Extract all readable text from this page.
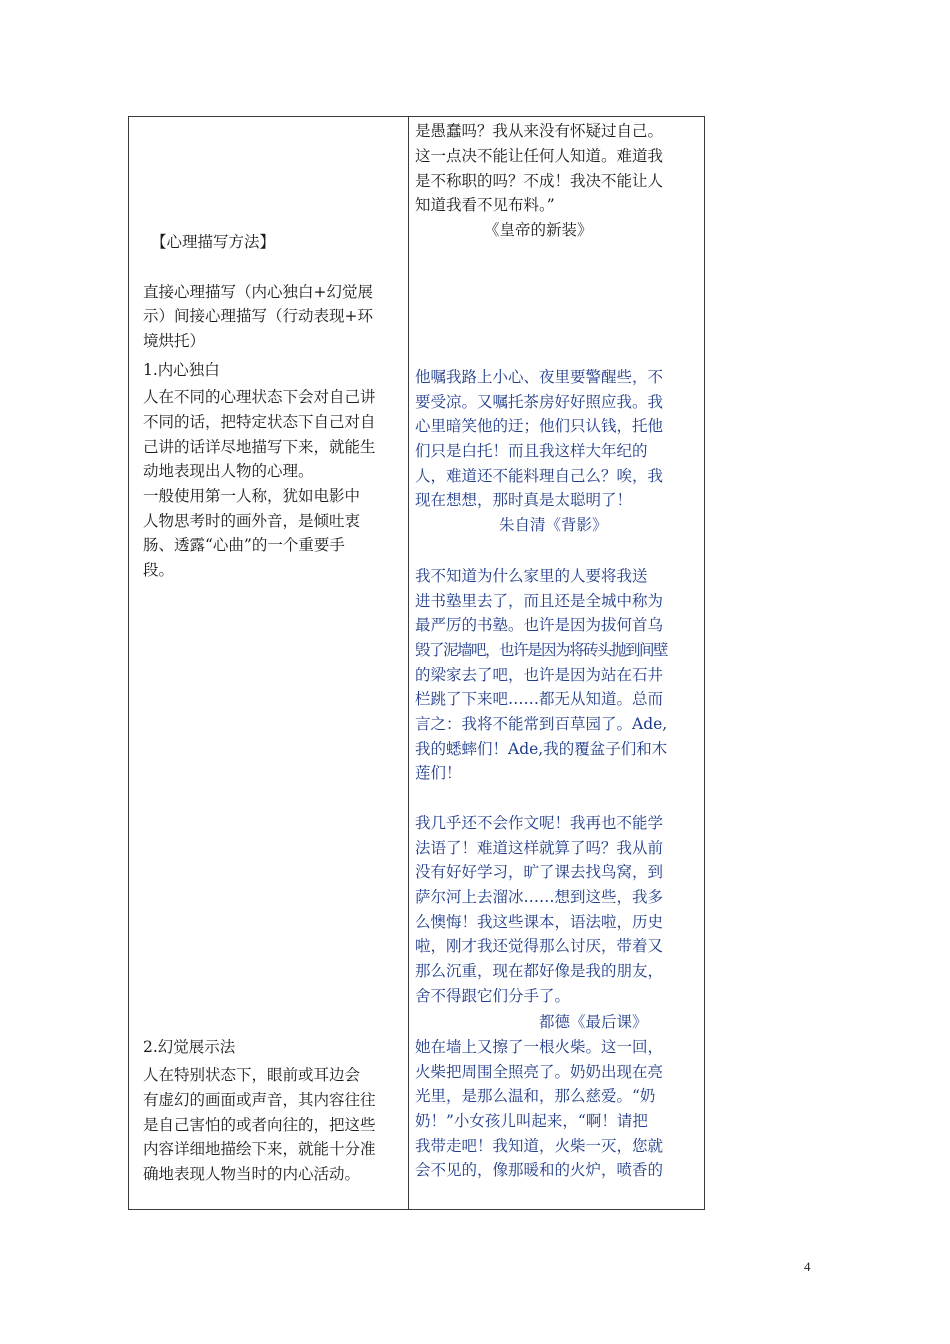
【心理描写方法】
直接心理描写（内心独白+幻觉展
示）间接心理描写（行动表现+环
境烘托）
1.内心独白
人在不同的心理状态下会对自己讲
不同的话，把特定状态下自己对自
己讲的话详尽地描写下来，就能生
动地表现出人物的心理。
一般使用第一人称，犹如电影中
人物思考时的画外音，是倾吐衷
肠、透露“心曲”的一个重要手
段。
2.幻觉展示法
人在特别状态下，眼前或耳边会
有虚幻的画面或声音，其内容往往
是自己害怕的或者向往的，把这些
内容详细地描绘下来，就能十分准
确地表现人物当时的内心活动。
是愚蠢吗？我从来没有怀疑过自己。
这一点决不能让任何人知道。难道我
是不称职的吗？不成！我决不能让人
知道我看不见布料。”
《皇帝的新装》
他嘱我路上小心、夜里要警醒些，不
要受凉。又嘱托茶房好好照应我。我
心里暗笑他的迂；他们只认钱，托他
们只是白托！而且我这样大年纪的
人，难道还不能料理自己么？唉，我
现在想想，那时真是太聪明了！
朱自清《背影》
我不知道为什么家里的人要将我送
进书塾里去了，而且还是全城中称为
最严厉的书塾。也许是因为拔何首乌
毁了泥墙吧，也许是因为将砖头抛到间壁
的梁家去了吧，也许是因为站在石井
栏跳了下来吧……都无从知道。总而
言之：我将不能常到百草园了。Ade,
我的蟋蟀们！Ade,我的覆盆子们和木
莲们！
我几乎还不会作文呢！我再也不能学
法语了！难道这样就算了吗？我从前
没有好好学习，旷了课去找鸟窝，到
萨尔河上去溜冰……想到这些，我多
么懊悔！我这些课本，语法啦，历史
啦，刚才我还觉得那么讨厌，带着又
那么沉重，现在都好像是我的朋友，
舍不得跟它们分手了。
都德《最后课》
她在墙上又擦了一根火柴。这一回，
火柴把周围全照亮了。奶奶出现在亮
光里，是那么温和，那么慈爱。“奶
奶！”小女孩儿叫起来，“啊！请把
我带走吧！我知道，火柴一灭，您就
会不见的，像那暖和的火炉，喷香的
4
